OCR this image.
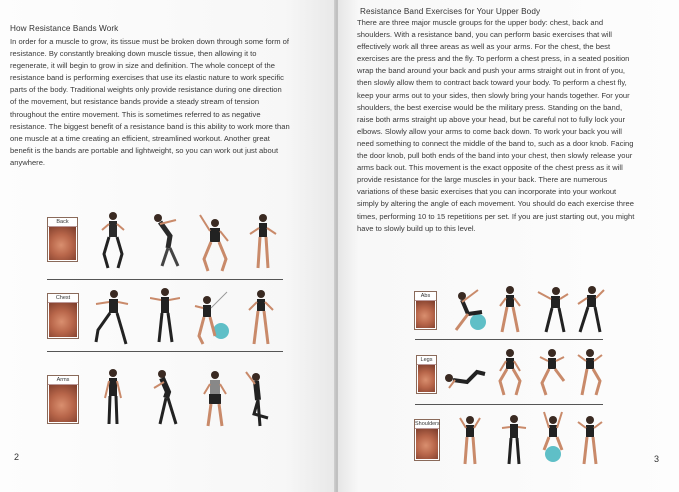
How Resistance Bands Work
In order for a muscle to grow, its tissue must be broken down through some form of
resistance. By constantly breaking down muscle tissue, then allowing it to
regenerate, it will begin to grow in size and definition. The whole concept of the
resistance band is performing exercises that use its elastic nature to work specific
parts of the body. Traditional weights only provide resistance during one direction
of the movement, but resistance bands provide a steady stream of tension
throughout the entire movement. This is sometimes referred to as negative
resistance. The biggest benefit of a resistance band is this ability to work more than
one muscle at a time creating an efficient, streamlined workout. Another great
benefit is the bands are portable and lightweight, so you can work out just about
anywhere.
Back
Chest
Arms
2
Resistance Band Exercises for Your Upper Body
There are three major muscle groups for the upper body: chest, back and
shoulders. With a resistance band, you can perform basic exercises that will
effectively work all three areas as well as your arms. For the chest, the best
exercises are the press and the fly. To perform a chest press, in a seated position
wrap the band around your back and push your arms straight out in front of you,
then slowly allow them to contract back toward your body. To perform a chest fly,
keep your arms out to your sides, then slowly bring your hands together. For your
shoulders, the best exercise would be the military press. Standing on the band,
raise both arms straight up above your head, but be careful not to fully lock your
elbows. Slowly allow your arms to come back down. To work your back you will
need something to connect the middle of the band to, such as a door knob. Facing
the door knob, pull both ends of the band into your chest, then slowly release your
arms back out. This movement is the exact opposite of the chest press as it will
provide resistance for the large muscles in your back. There are numerous
variations of these basic exercises that you can incorporate into your workout
simply by altering the angle of each movement. You should do each exercise three
times, performing 10 to 15 repetitions per set. If you are just starting out, you might
have to slowly build up to this level.
Abs
Legs
Shoulders
3
